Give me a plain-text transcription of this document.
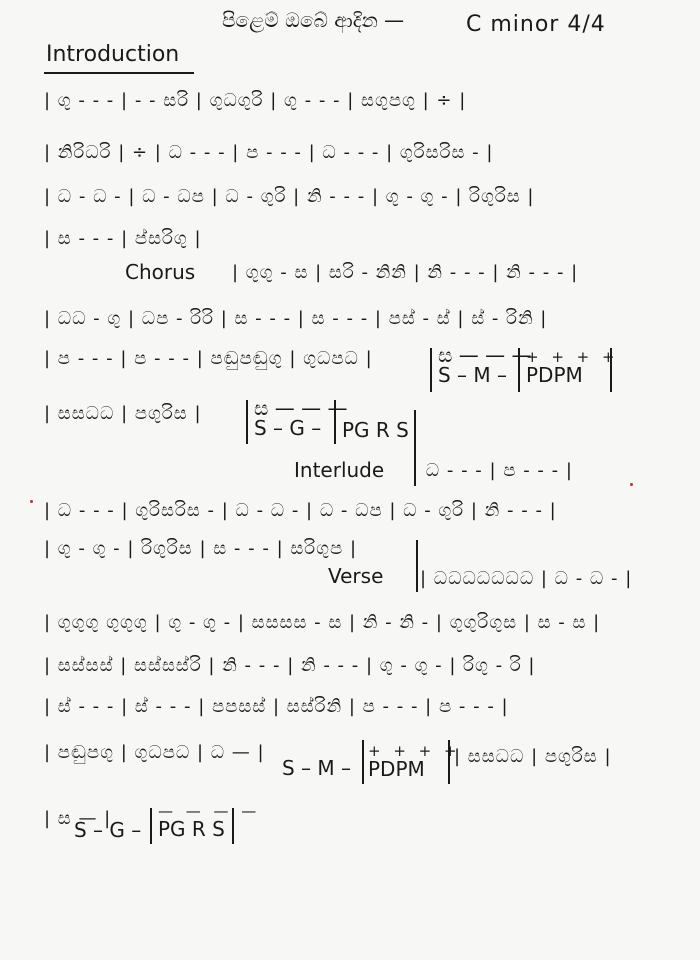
පිළෙම් ඔබේ ආදින —	C minor 4/4
Introduction
| ගු - - - | - - සරි | ගුධගුරි | ගු - - - | සගුපගු | ÷ |
| නිරිධරි | ÷ | ධ - - - | ප - - - | ධ - - - | ගුරිසරිස - |
| ධ - ධ - | ධ - ධප | ධ - ගුරි | නි - - - | ගු - ගු - | රිගුරිස |
| ස - - - | ප්සරිගු |
Chorus | ගුගු - ස | සරි - නිනි | නි - - - | නි - - - |
| ධධ - ගු | ධප - රිරි | ස - - - | ස - - - | පස් - ස් | ස් - රිනි |
| ප - - - | ප - - - | පඬුපඬුගු | ගුධපධ |	ස — — —
S – M –
+ + + +
PDPM
| සසධධ | පගුරිස |	ස — — —
S – G –	PG R S
Interlude | ධ - - - | ප - - - |
| ධ - - - | ගුරිසරිස - | ධ - ධ - | ධ - ධප | ධ - ගුරි | නි - - - |
| ගු - ගු - | රිගුරිස | ස - - - | සරිගුප |
Verse | ධධධධධධධ | ධ - ධ - |
| ගුගුගු ගුගුගු | ගු - ගු - | සසසස - ස | නි - නි - | ගුගුරිගුස | ස - ස |
| සස්සස් | සස්සස්රි | නි - - - | නි - - - | ගු - ගු - | රිගු - රි |
| ස් - - - | ස් - - - | පපසස් | සස්රිනි | ප - - - | ප - - - |
| පඬුපගු | ගුධපධ | ධ — |
S – M –
+ + + +
PDPM
| සසධධ | පගුරිස |
| ස — |
S – G –
— — — —
PG R S
